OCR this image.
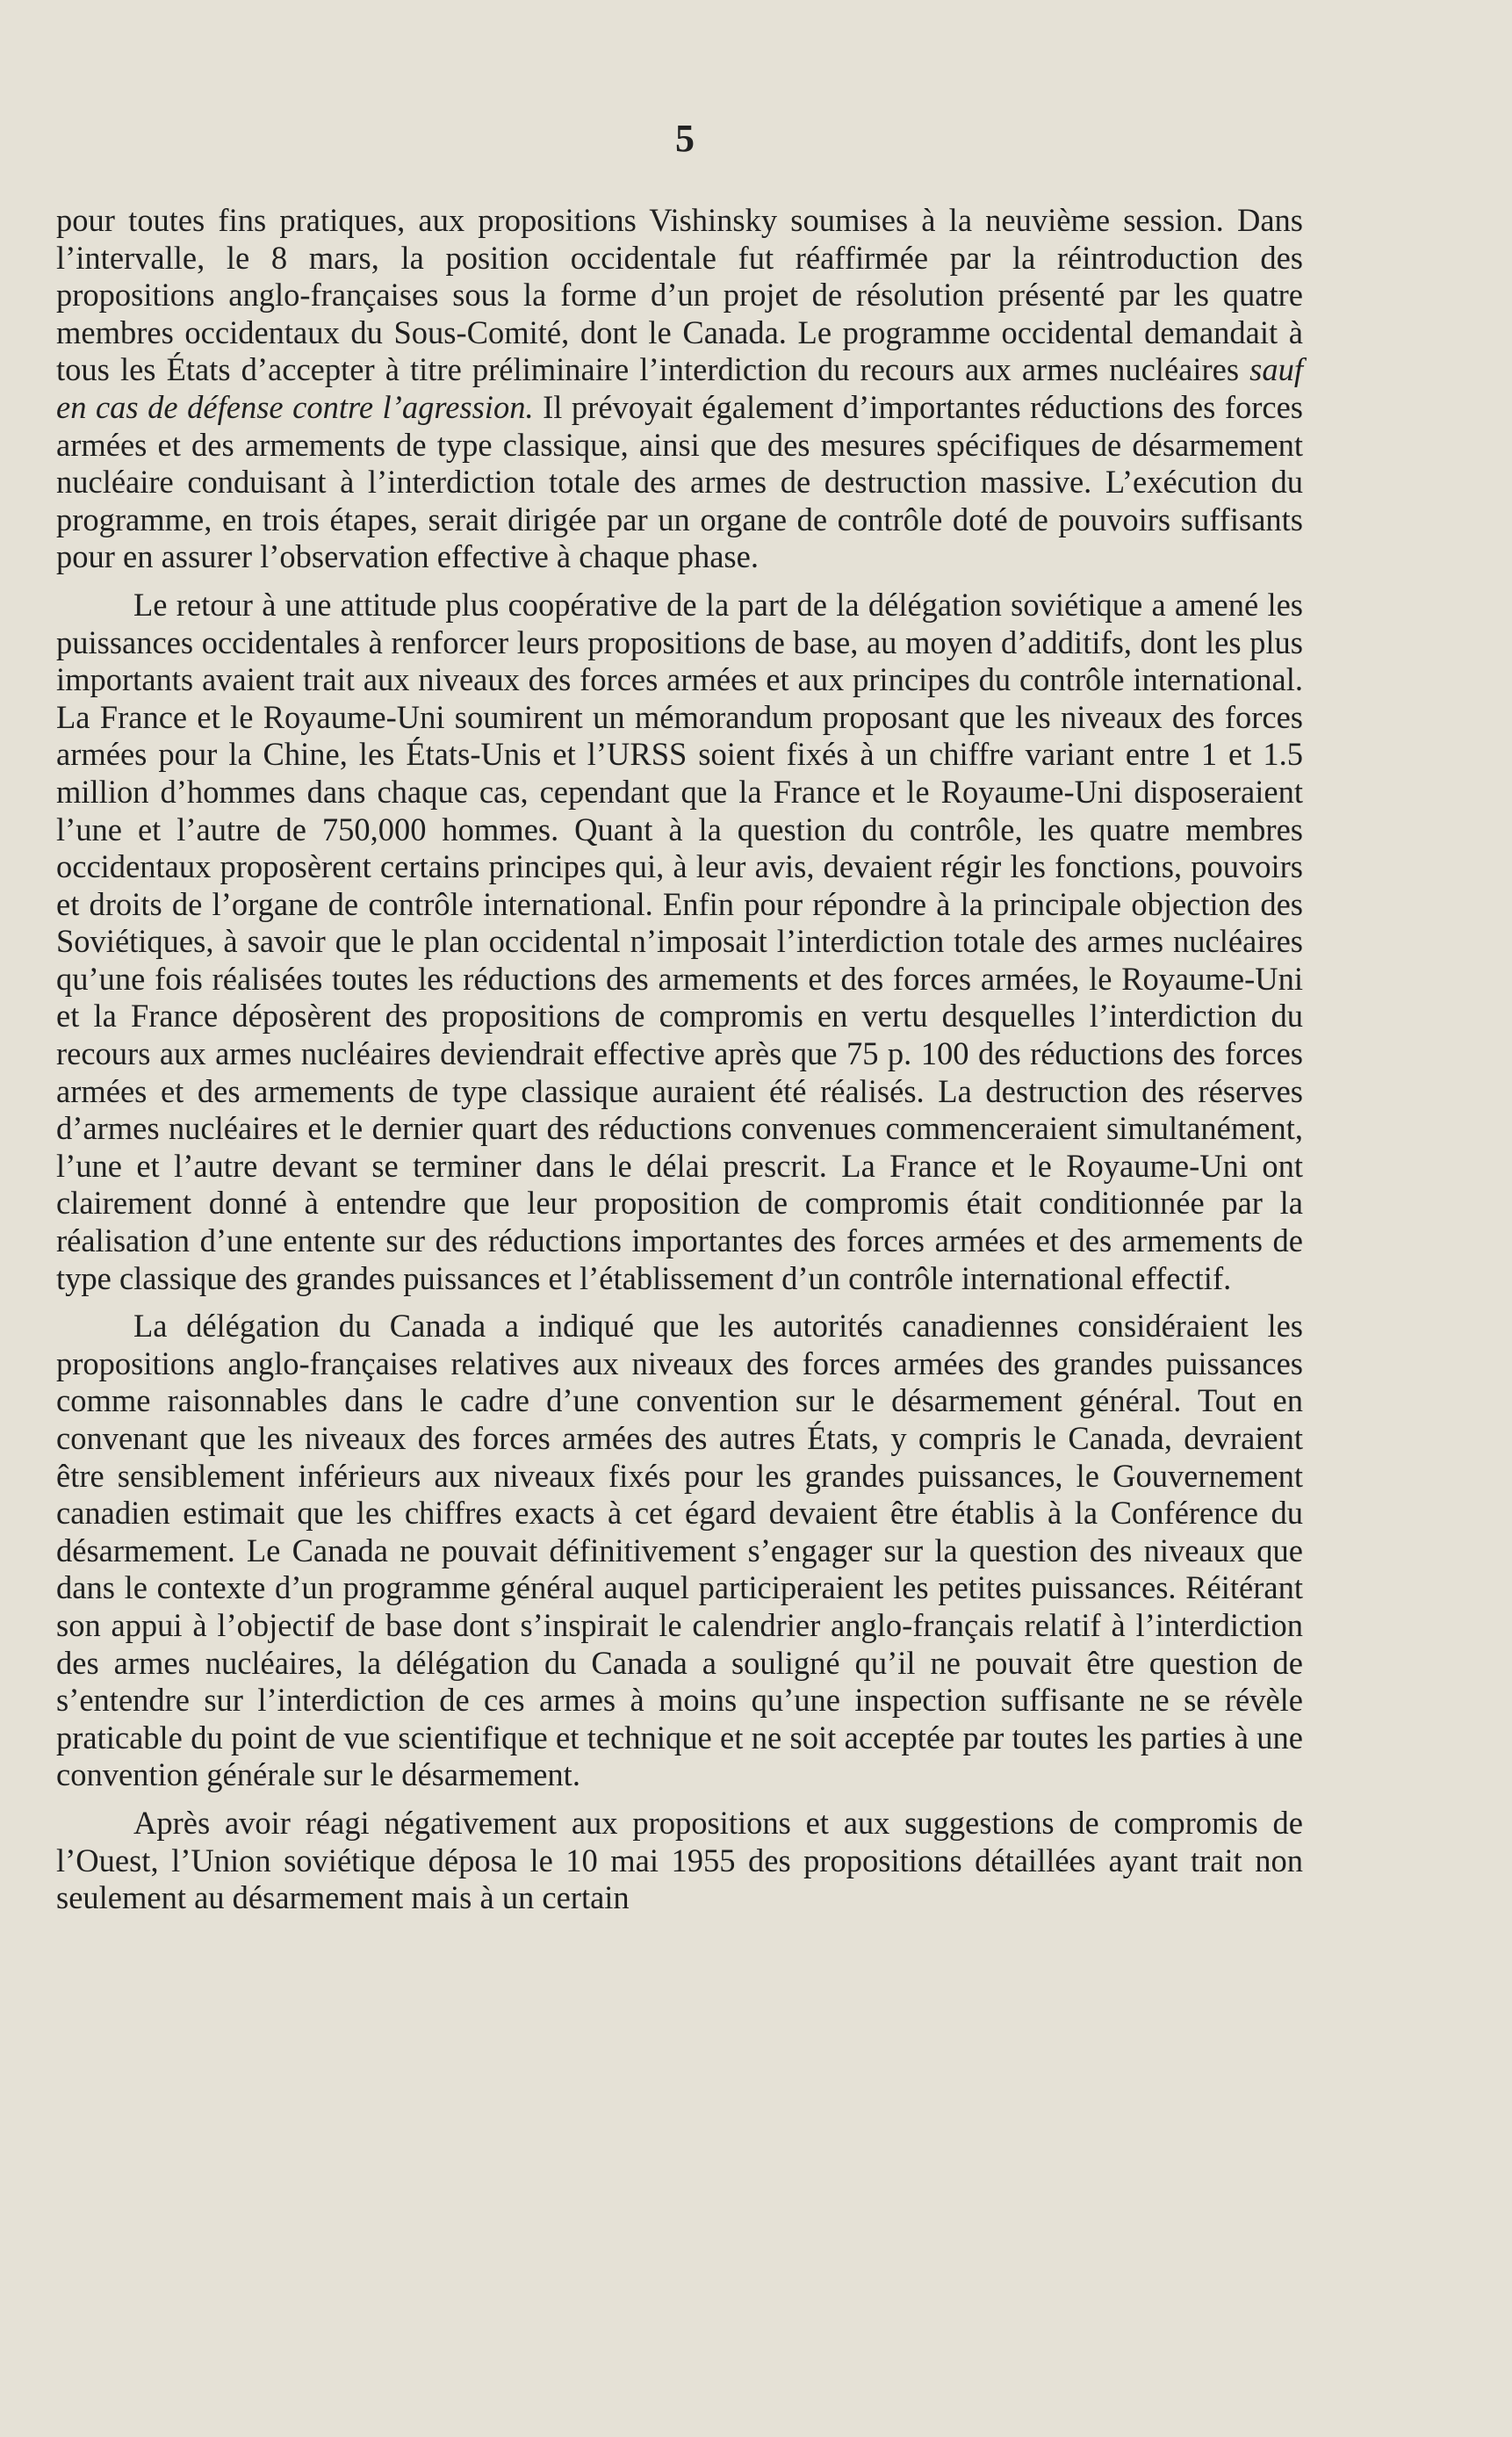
5

pour toutes fins pratiques, aux propositions Vishinsky soumises à la neuvième session. Dans l’intervalle, le 8 mars, la position occidentale fut réaffirmée par la réintroduction des propositions anglo-françaises sous la forme d’un projet de résolution présenté par les quatre membres occidentaux du Sous-Comité, dont le Canada. Le programme occidental demandait à tous les États d’accepter à titre préliminaire l’interdiction du recours aux armes nucléaires sauf en cas de défense contre l’agression. Il prévoyait également d’importantes réductions des forces armées et des armements de type classique, ainsi que des mesures spécifiques de désarmement nucléaire conduisant à l’interdiction totale des armes de destruction massive. L’exécution du programme, en trois étapes, serait dirigée par un organe de contrôle doté de pouvoirs suffisants pour en assurer l’observation effective à chaque phase.

Le retour à une attitude plus coopérative de la part de la délégation soviétique a amené les puissances occidentales à renforcer leurs propositions de base, au moyen d’additifs, dont les plus importants avaient trait aux niveaux des forces armées et aux principes du contrôle international. La France et le Royaume-Uni soumirent un mémorandum proposant que les niveaux des forces armées pour la Chine, les États-Unis et l’URSS soient fixés à un chiffre variant entre 1 et 1.5 million d’hommes dans chaque cas, cependant que la France et le Royaume-Uni disposeraient l’une et l’autre de 750,000 hommes. Quant à la question du contrôle, les quatre membres occidentaux proposèrent certains principes qui, à leur avis, devaient régir les fonctions, pouvoirs et droits de l’organe de contrôle international. Enfin pour répondre à la principale objection des Soviétiques, à savoir que le plan occidental n’imposait l’interdiction totale des armes nucléaires qu’une fois réalisées toutes les réductions des armements et des forces armées, le Royaume-Uni et la France déposèrent des propositions de compromis en vertu desquelles l’interdiction du recours aux armes nucléaires deviendrait effective après que 75 p. 100 des réductions des forces armées et des armements de type classique auraient été réalisés. La destruction des réserves d’armes nucléaires et le dernier quart des réductions convenues commenceraient simultanément, l’une et l’autre devant se terminer dans le délai prescrit. La France et le Royaume-Uni ont clairement donné à entendre que leur proposition de compromis était conditionnée par la réalisation d’une entente sur des réductions importantes des forces armées et des armements de type classique des grandes puissances et l’établissement d’un contrôle international effectif.

La délégation du Canada a indiqué que les autorités canadiennes considéraient les propositions anglo-françaises relatives aux niveaux des forces armées des grandes puissances comme raisonnables dans le cadre d’une convention sur le désarmement général. Tout en convenant que les niveaux des forces armées des autres États, y compris le Canada, devraient être sensiblement inférieurs aux niveaux fixés pour les grandes puissances, le Gouvernement canadien estimait que les chiffres exacts à cet égard devaient être établis à la Conférence du désarmement. Le Canada ne pouvait définitivement s’engager sur la question des niveaux que dans le contexte d’un programme général auquel participeraient les petites puissances. Réitérant son appui à l’objectif de base dont s’inspirait le calendrier anglo-français relatif à l’interdiction des armes nucléaires, la délégation du Canada a souligné qu’il ne pouvait être question de s’entendre sur l’interdiction de ces armes à moins qu’une inspection suffisante ne se révèle praticable du point de vue scientifique et technique et ne soit acceptée par toutes les parties à une convention générale sur le désarmement.

Après avoir réagi négativement aux propositions et aux suggestions de compromis de l’Ouest, l’Union soviétique déposa le 10 mai 1955 des propositions détaillées ayant trait non seulement au désarmement mais à un certain
